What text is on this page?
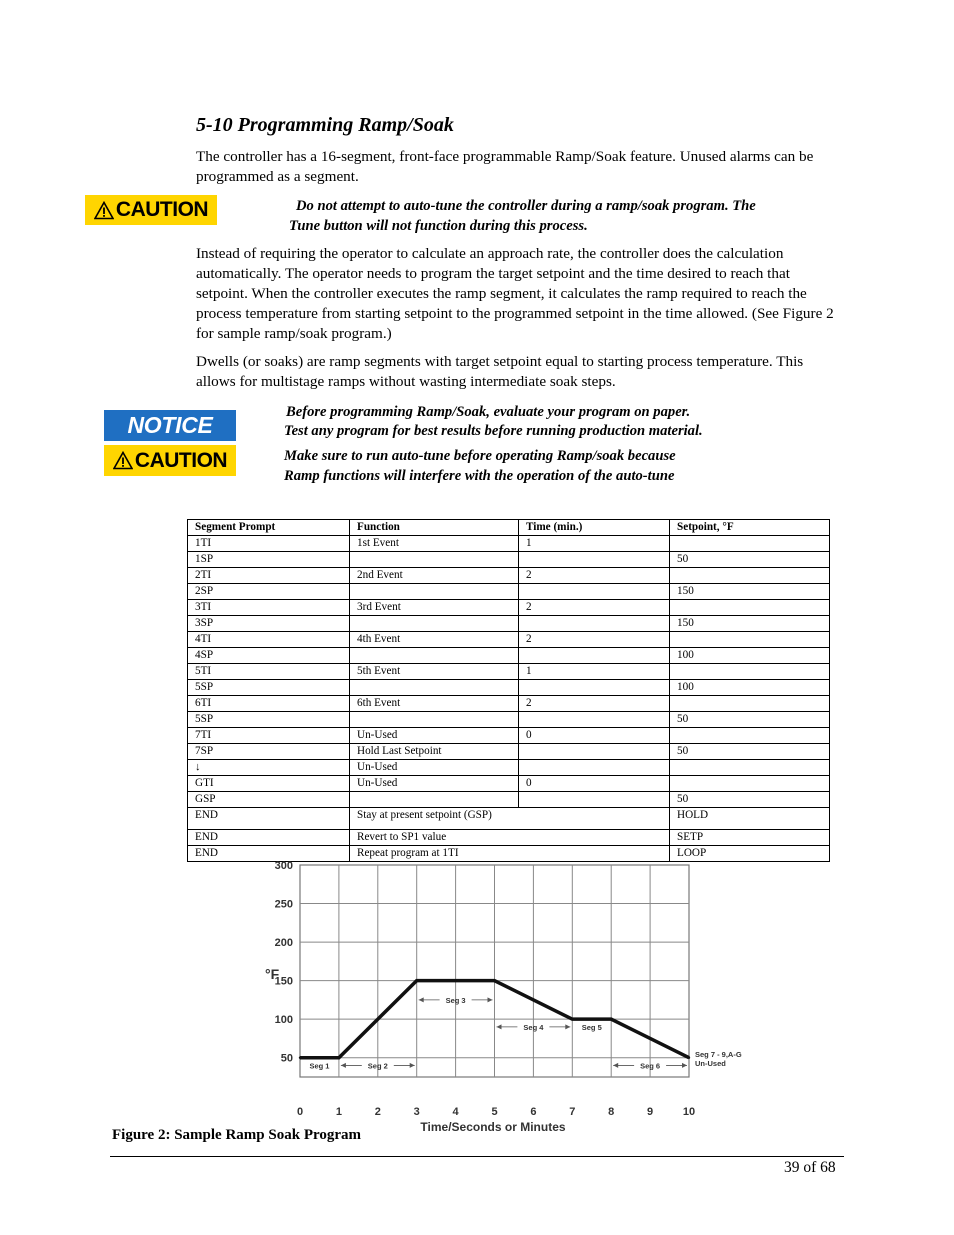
5-10 Programming Ramp/Soak
The controller has a 16-segment, front-face programmable Ramp/Soak feature. Unused alarms can be programmed as a segment.
CAUTION	Do not attempt to auto-tune the controller during a ramp/soak program. The
Tune button will not function during this process.
Instead of requiring the operator to calculate an approach rate, the controller does the calculation automatically. The operator needs to program the target setpoint and the time desired to reach that setpoint. When the controller executes the ramp segment, it calculates the ramp required to reach the process temperature from starting setpoint to the programmed setpoint in the time allowed. (See Figure 2 for sample ramp/soak program.)
Dwells (or soaks) are ramp segments with target setpoint equal to starting process temperature. This allows for multistage ramps without wasting intermediate soak steps.
NOTICE
CAUTION
Before programming Ramp/Soak, evaluate your program on paper.
Test any program for best results before running production material.
Make sure to run auto-tune before operating Ramp/soak because
Ramp functions will interfere with the operation of the auto-tune
Segment Prompt	Function	Time (min.)	Setpoint, °F
1TI	1st Event	1	
1SP			50
2TI	2nd Event	2	
2SP			150
3TI	3rd Event	2	
3SP			150
4TI	4th Event	2	
4SP			100
5TI	5th Event	1	
5SP			100
6TI	6th Event	2	
5SP			50
7TI	Un-Used	0	
7SP	Hold Last Setpoint		50
↓	Un-Used		
GTI	Un-Used	0	
GSP			50
END	Stay at present setpoint (GSP)		HOLD
END	Revert to SP1 value		SETP
END	Repeat program at 1TI		LOOP
0	1	2	3	4	5	6	7	8	9	10
50
100
150
200
250
300
Seg 1	Seg 2
Seg 3
Seg 4	Seg 5
Seg 6
Seg 7 - 9,A-G
Un-Used
°F
Time/Seconds or Minutes
Figure 2: Sample Ramp Soak Program
39 of 68
